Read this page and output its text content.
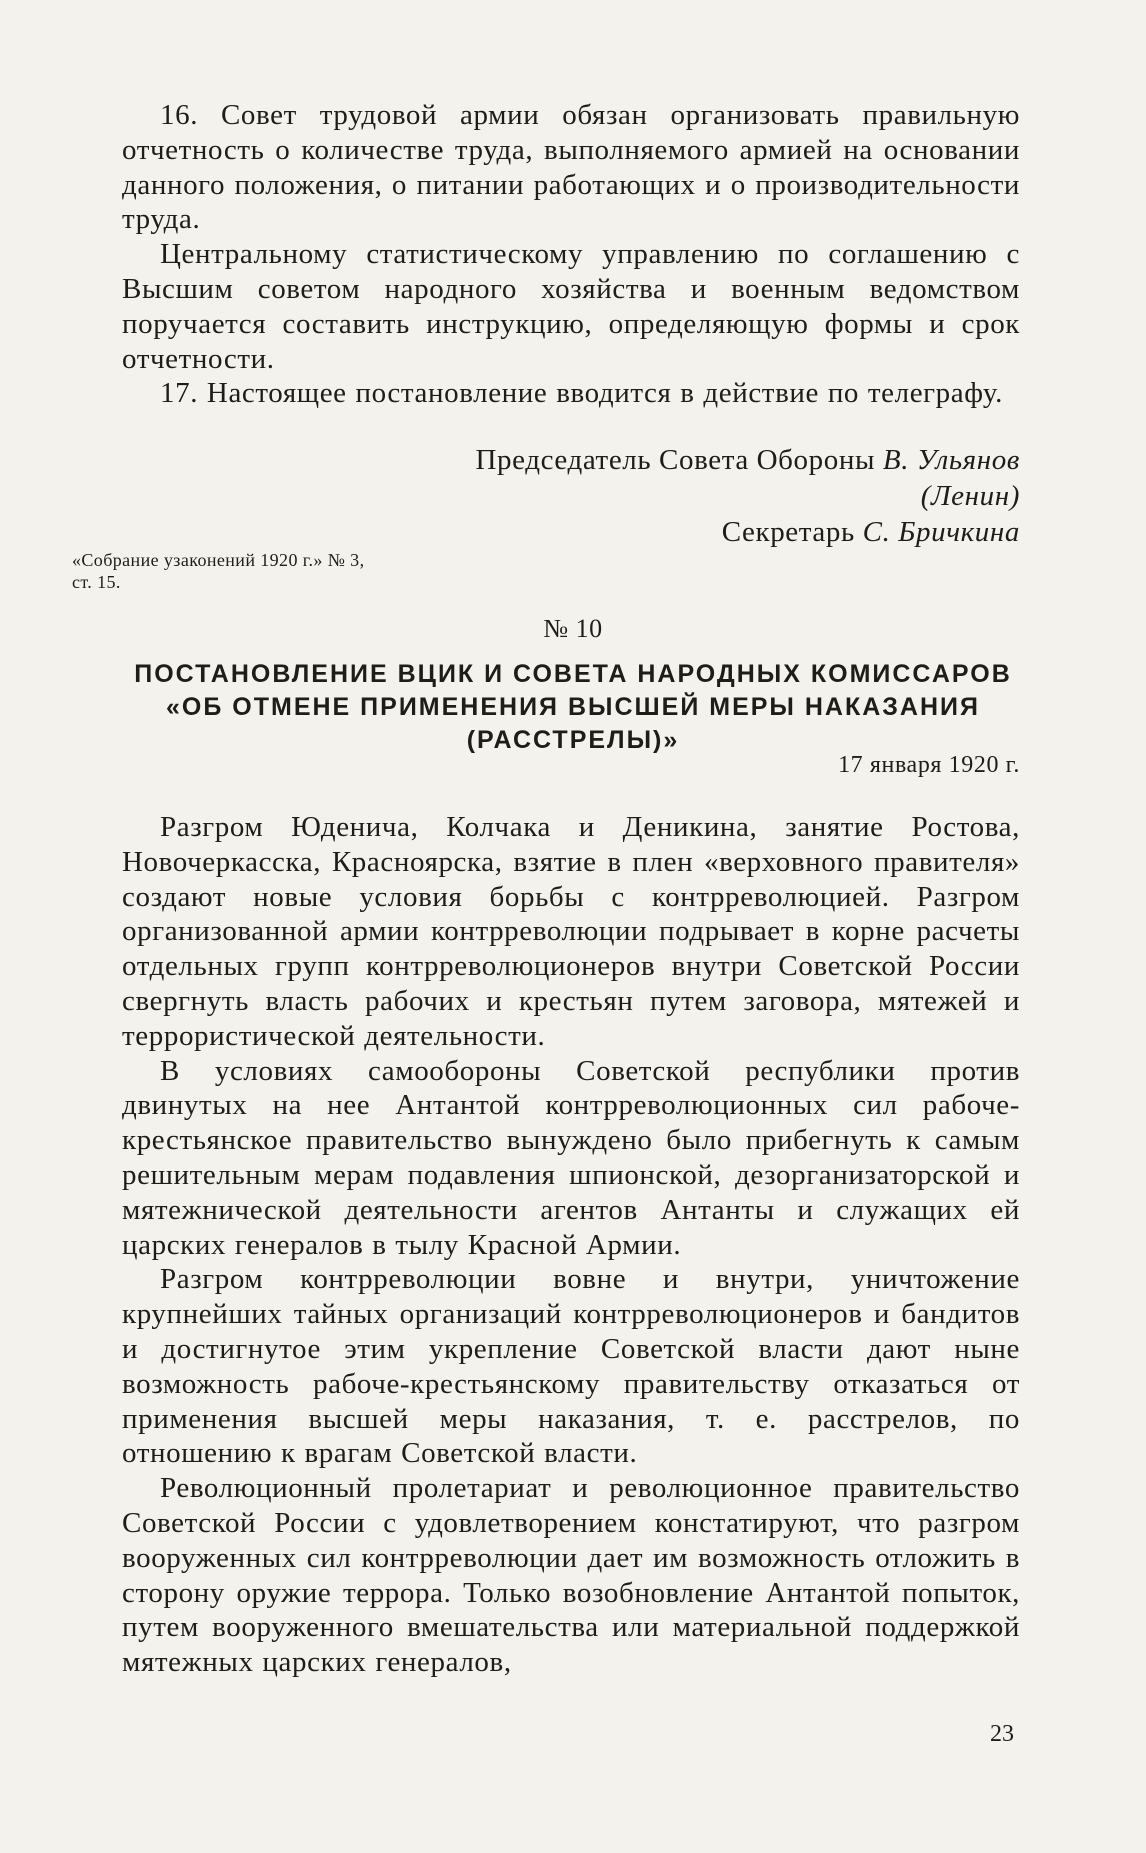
16. Совет трудовой армии обязан организовать правильную отчетность о количестве труда, выполняемого армией на основании данного положения, о питании работающих и о производительности труда.

Центральному статистическому управлению по соглашению с Высшим советом народного хозяйства и военным ведомством поручается составить инструкцию, определяющую формы и срок отчетности.

17. Настоящее постановление вводится в действие по телеграфу.

Председатель Совета Обороны В. Ульянов
(Ленин)
Секретарь С. Бричкина
«Собрание узаконений 1920 г.» № 3,
ст. 15.
№ 10
ПОСТАНОВЛЕНИЕ ВЦИК И СОВЕТА НАРОДНЫХ КОМИССАРОВ
«ОБ ОТМЕНЕ ПРИМЕНЕНИЯ ВЫСШЕЙ МЕРЫ НАКАЗАНИЯ
(РАССТРЕЛЫ)»
17 января 1920 г.

Разгром Юденича, Колчака и Деникина, занятие Ростова, Новочеркасска, Красноярска, взятие в плен «верховного правителя» создают новые условия борьбы с контрреволюцией. Разгром организованной армии контрреволюции подрывает в корне расчеты отдельных групп контрреволюционеров внутри Советской России свергнуть власть рабочих и крестьян путем заговора, мятежей и террористической деятельности.

В условиях самообороны Советской республики против двинутых на нее Антантой контрреволюционных сил рабоче-крестьянское правительство вынуждено было прибегнуть к самым решительным мерам подавления шпионской, дезорганизаторской и мятежнической деятельности агентов Антанты и служащих ей царских генералов в тылу Красной Армии.

Разгром контрреволюции вовне и внутри, уничтожение крупнейших тайных организаций контрреволюционеров и бандитов и достигнутое этим укрепление Советской власти дают ныне возможность рабоче-крестьянскому правительству отказаться от применения высшей меры наказания, т. е. расстрелов, по отношению к врагам Советской власти.

Революционный пролетариат и революционное правительство Советской России с удовлетворением констатируют, что разгром вооруженных сил контрреволюции дает им возможность отложить в сторону оружие террора. Только возобновление Антантой попыток, путем вооруженного вмешательства или материальной поддержкой мятежных царских генералов,

23
